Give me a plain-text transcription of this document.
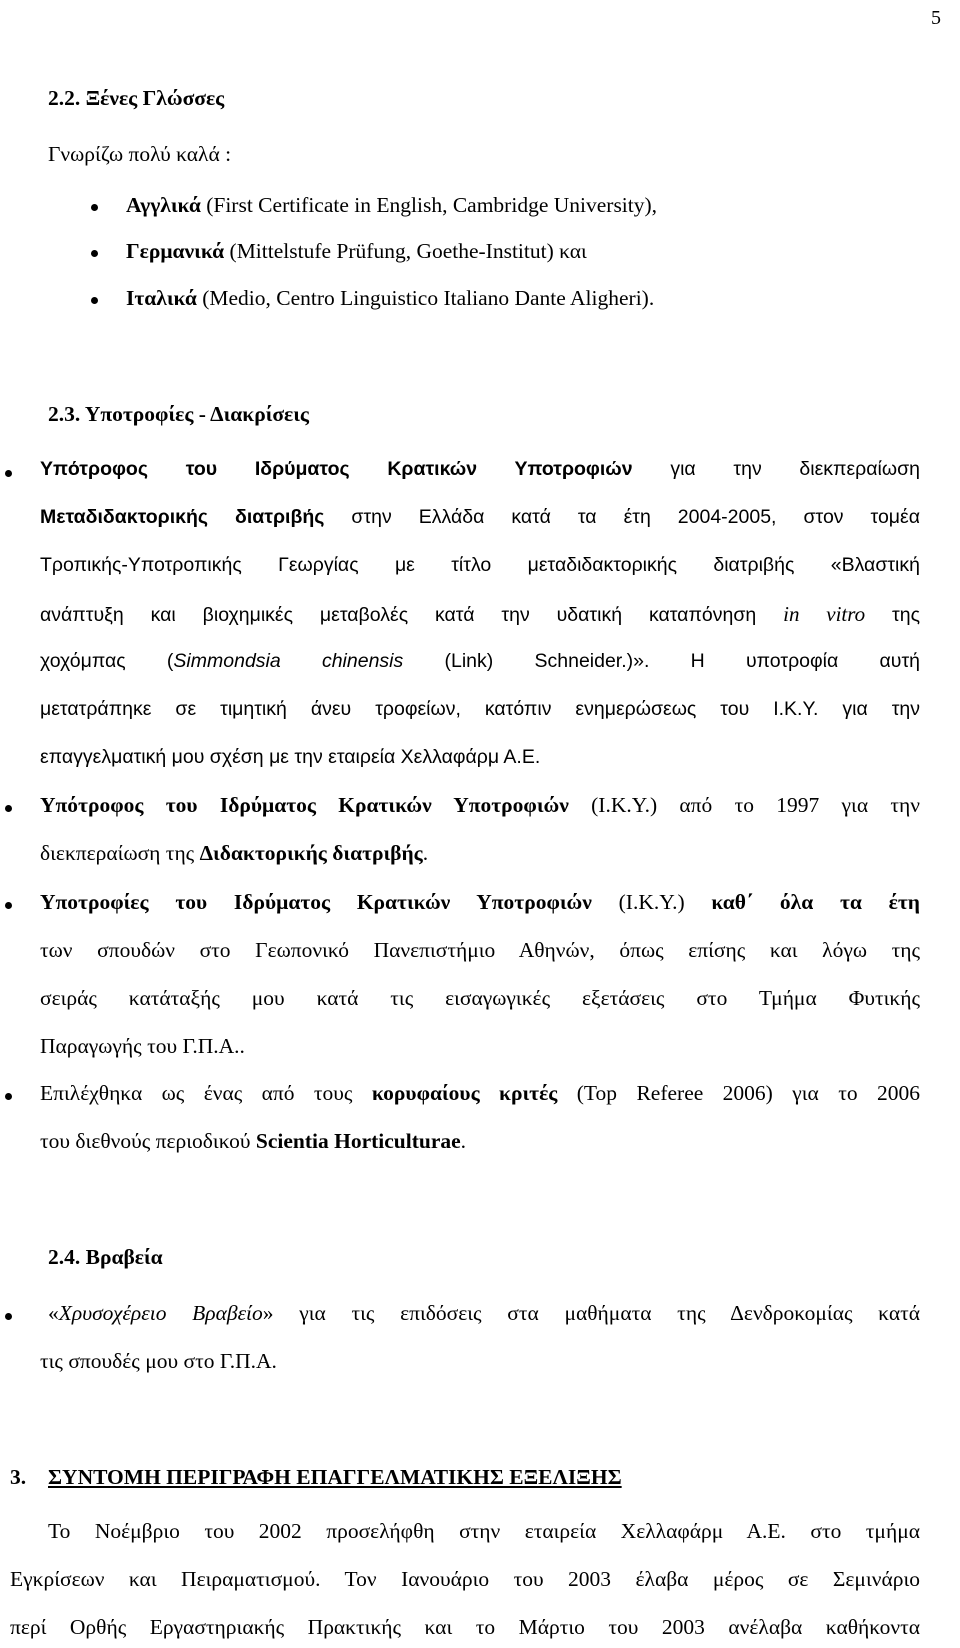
5
2.2. Ξένες Γλώσσες
Γνωρίζω πολύ καλά :
Αγγλικά (First Certificate in English, Cambridge University),
Γερμανικά (Mittelstufe Prüfung, Goethe-Institut) και
Ιταλικά (Medio, Centro Linguistico Italiano Dante Aligheri).
2.3. Υποτροφίες - Διακρίσεις
Υπότροφος του Ιδρύματος Κρατικών Υποτροφιών για την διεκπεραίωση
Μεταδιδακτορικής διατριβής στην Ελλάδα κατά τα έτη 2004-2005, στον τομέα
Τροπικής-Υποτροπικής Γεωργίας με τίτλο μεταδιδακτορικής διατριβής «Βλαστική
ανάπτυξη και βιοχημικές μεταβολές κατά την υδατική καταπόνηση in vitro της
χοχόμπας (Simmondsia chinensis (Link) Schneider.)». Η υποτροφία αυτή
μετατράπηκε σε τιμητική άνευ τροφείων, κατόπιν ενημερώσεως του Ι.Κ.Υ. για την
επαγγελματική μου σχέση με την εταιρεία Χελλαφάρμ Α.Ε.
Υπότροφος του Ιδρύματος Κρατικών Υποτροφιών (Ι.Κ.Υ.) από το 1997 για την
διεκπεραίωση της Διδακτορικής διατριβής.
Υποτροφίες του Ιδρύματος Κρατικών Υποτροφιών (Ι.Κ.Υ.) καθ΄ όλα τα έτη
των σπουδών στο Γεωπονικό Πανεπιστήμιο Αθηνών, όπως επίσης και λόγω της
σειράς κατάταξής μου κατά τις εισαγωγικές εξετάσεις στο Τμήμα Φυτικής
Παραγωγής του Γ.Π.Α..
Επιλέχθηκα ως ένας από τους κορυφαίους κριτές (Top Referee 2006) για το 2006
του διεθνούς περιοδικού Scientia Horticulturae.
2.4. Βραβεία
«Χρυσοχέρειο Βραβείο» για τις επιδόσεις στα μαθήματα της Δενδροκομίας κατά
τις σπουδές μου στο Γ.Π.Α.
3. ΣΥΝΤΟΜΗ ΠΕΡΙΓΡΑΦΗ ΕΠΑΓΓΕΛΜΑΤΙΚΗΣ ΕΞΕΛΙΞΗΣ
Το Νοέμβριο του 2002 προσελήφθη στην εταιρεία Χελλαφάρμ Α.Ε. στο τμήμα
Εγκρίσεων και Πειραματισμού. Τον Ιανουάριο του 2003 έλαβα μέρος σε Σεμινάριο
περί Ορθής Εργαστηριακής Πρακτικής και το Μάρτιο του 2003 ανέλαβα καθήκοντα
